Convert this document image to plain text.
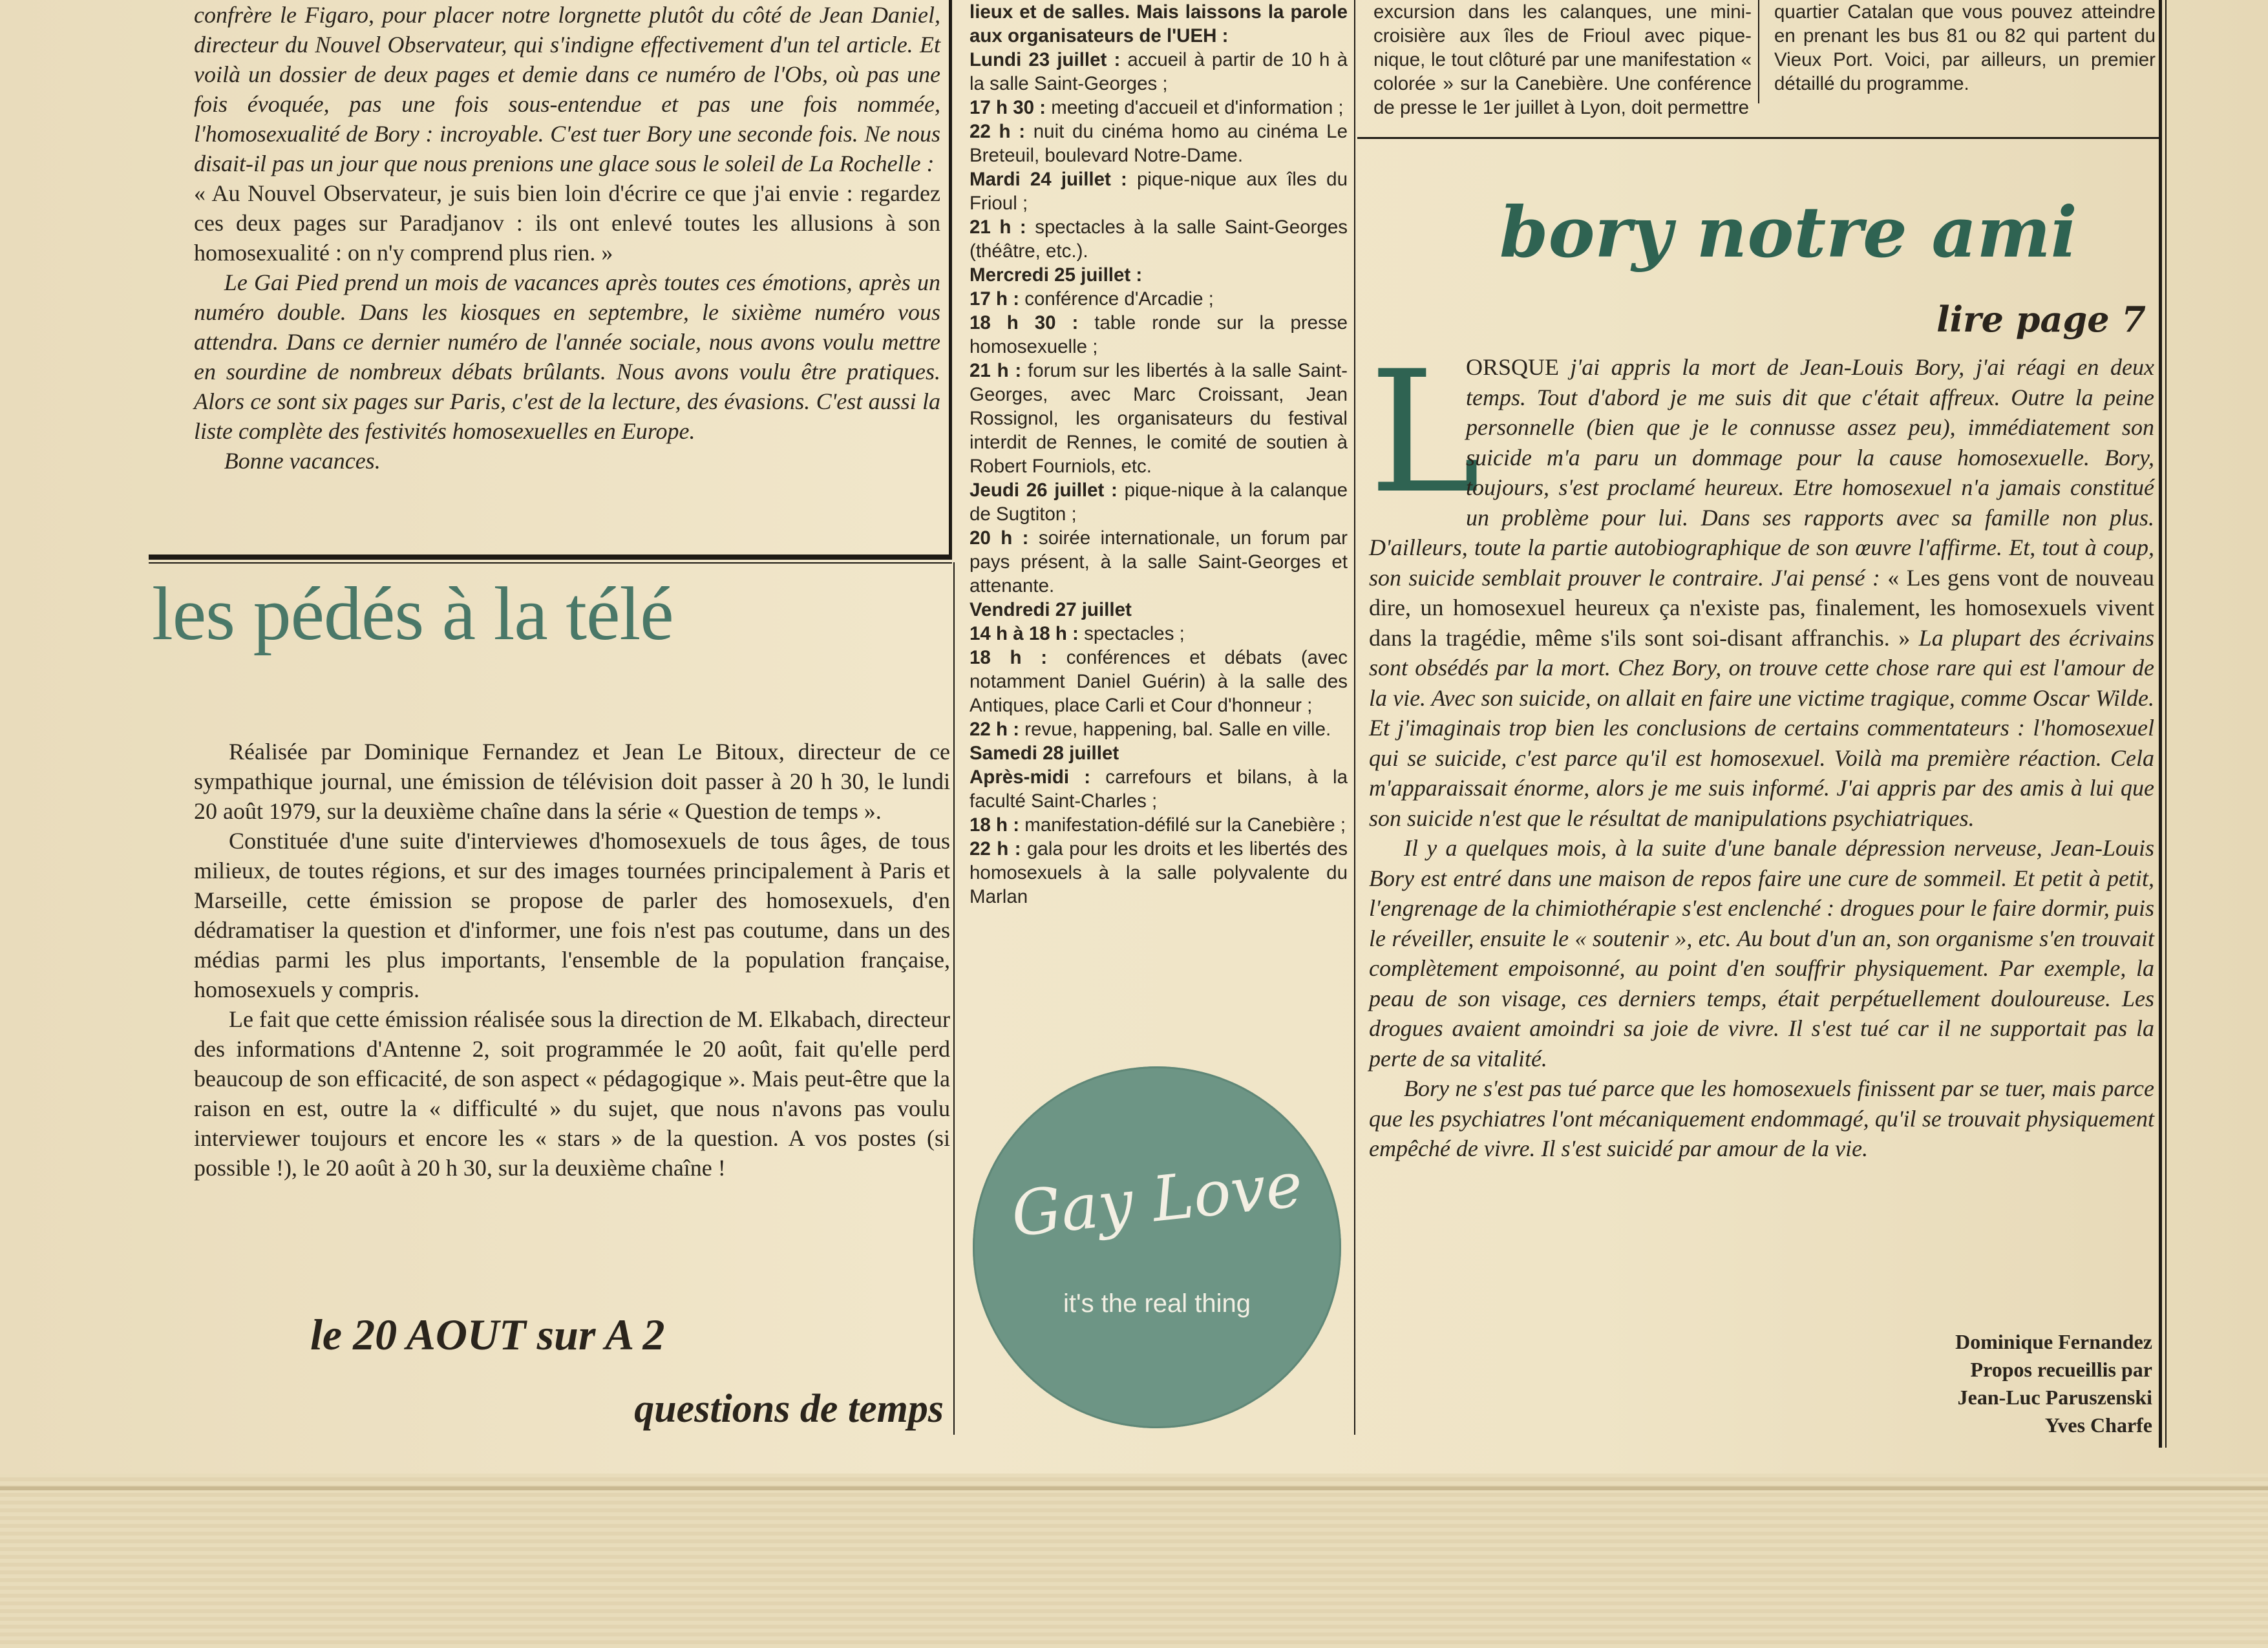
confrère le Figaro, pour placer notre lorgnette plutôt du côté de Jean Daniel, directeur du Nouvel Observateur, qui s'indigne effectivement d'un tel article. Et voilà un dossier de deux pages et demie dans ce numéro de l'Obs, où pas une fois évoquée, pas une fois sous-entendue et pas une fois nommée, l'homosexualité de Bory : incroyable. C'est tuer Bory une seconde fois. Ne nous disait-il pas un jour que nous prenions une glace sous le soleil de La Rochelle :

« Au Nouvel Observateur, je suis bien loin d'écrire ce que j'ai envie : regardez ces deux pages sur Paradjanov : ils ont enlevé toutes les allusions à son homosexualité : on n'y comprend plus rien. »

Le Gai Pied prend un mois de vacances après toutes ces émotions, après un numéro double. Dans les kiosques en septembre, le sixième numéro vous attendra. Dans ce dernier numéro de l'année sociale, nous avons voulu mettre en sourdine de nombreux débats brûlants. Nous avons voulu être pratiques. Alors ce sont six pages sur Paris, c'est de la lecture, des évasions. C'est aussi la liste complète des festivités homosexuelles en Europe.

Bonne vacances.

les pédés à la télé

Réalisée par Dominique Fernandez et Jean Le Bitoux, directeur de ce sympathique journal, une émission de télévision doit passer à 20 h 30, le lundi 20 août 1979, sur la deuxième chaîne dans la série « Question de temps ».

Constituée d'une suite d'interviewes d'homosexuels de tous âges, de tous milieux, de toutes régions, et sur des images tournées principalement à Paris et Marseille, cette émission se propose de parler des homosexuels, d'en dédramatiser la question et d'informer, une fois n'est pas coutume, dans un des médias parmi les plus importants, l'ensemble de la population française, homosexuels y compris.

Le fait que cette émission réalisée sous la direction de M. Elkabach, directeur des informations d'Antenne 2, soit programmée le 20 août, fait qu'elle perd beaucoup de son efficacité, de son aspect « pédagogique ». Mais peut-être que la raison en est, outre la « difficulté » du sujet, que nous n'avons pas voulu interviewer toujours et encore les « stars » de la question. A vos postes (si possible !), le 20 août à 20 h 30, sur la deuxième chaîne !

le 20 AOUT sur A 2
questions de temps

lieux et de salles. Mais laissons la parole aux organisateurs de l'UEH :

Lundi 23 juillet : accueil à partir de 10 h à la salle Saint-Georges ;

17 h 30 : meeting d'accueil et d'information ;

22 h : nuit du cinéma homo au cinéma Le Breteuil, boulevard Notre-Dame.

Mardi 24 juillet : pique-nique aux îles du Frioul ;

21 h : spectacles à la salle Saint-Georges (théâtre, etc.).

Mercredi 25 juillet :

17 h : conférence d'Arcadie ;

18 h 30 : table ronde sur la presse homosexuelle ;

21 h : forum sur les libertés à la salle Saint-Georges, avec Marc Croissant, Jean Rossignol, les organisateurs du festival interdit de Rennes, le comité de soutien à Robert Fourniols, etc.

Jeudi 26 juillet : pique-nique à la calanque de Sugtiton ;

20 h : soirée internationale, un forum par pays présent, à la salle Saint-Georges et attenante.

Vendredi 27 juillet

14 h à 18 h : spectacles ;

18 h : conférences et débats (avec notamment Daniel Guérin) à la salle des Antiques, place Carli et Cour d'honneur ;

22 h : revue, happening, bal. Salle en ville.

Samedi 28 juillet

Après-midi : carrefours et bilans, à la faculté Saint-Charles ;

18 h : manifestation-défilé sur la Canebière ;

22 h : gala pour les droits et les libertés des homosexuels à la salle polyvalente du Marlan

Gay Love
it's the real thing

excursion dans les calanques, une mini-croisière aux îles de Frioul avec pique-nique, le tout clôturé par une manifestation « colorée » sur la Canebière. Une conférence de presse le 1er juillet à Lyon, doit permettre

quartier Catalan que vous pouvez atteindre en prenant les bus 81 ou 82 qui partent du Vieux Port. Voici, par ailleurs, un premier détaillé du programme.

bory notre ami
lire page 7
L

ORSQUE j'ai appris la mort de Jean-Louis Bory, j'ai réagi en deux temps. Tout d'abord je me suis dit que c'était affreux. Outre la peine personnelle (bien que je le connusse assez peu), immédiatement son suicide m'a paru un dommage pour la cause homosexuelle. Bory, toujours, s'est proclamé heureux. Etre homosexuel n'a jamais constitué un problème pour lui. Dans ses rapports avec sa famille non plus. D'ailleurs, toute la partie autobiographique de son œuvre l'affirme. Et, tout à coup, son suicide semblait prouver le contraire. J'ai pensé : « Les gens vont de nouveau dire, un homosexuel heureux ça n'existe pas, finalement, les homosexuels vivent dans la tragédie, même s'ils sont soi-disant affranchis. » La plupart des écrivains sont obsédés par la mort. Chez Bory, on trouve cette chose rare qui est l'amour de la vie. Avec son suicide, on allait en faire une victime tragique, comme Oscar Wilde. Et j'imaginais trop bien les conclusions de certains commentateurs : l'homosexuel qui se suicide, c'est parce qu'il est homosexuel. Voilà ma première réaction. Cela m'apparaissait énorme, alors je me suis informé. J'ai appris par des amis à lui que son suicide n'est que le résultat de manipulations psychiatriques.

Il y a quelques mois, à la suite d'une banale dépression nerveuse, Jean-Louis Bory est entré dans une maison de repos faire une cure de sommeil. Et petit à petit, l'engrenage de la chimiothérapie s'est enclenché : drogues pour le faire dormir, puis le réveiller, ensuite le « soutenir », etc. Au bout d'un an, son organisme s'en trouvait complètement empoisonné, au point d'en souffrir physiquement. Par exemple, la peau de son visage, ces derniers temps, était perpétuellement douloureuse. Les drogues avaient amoindri sa joie de vivre. Il s'est tué car il ne supportait pas la perte de sa vitalité.

Bory ne s'est pas tué parce que les homosexuels finissent par se tuer, mais parce que les psychiatres l'ont mécaniquement endommagé, qu'il se trouvait physiquement empêché de vivre. Il s'est suicidé par amour de la vie.

Dominique Fernandez
Propos recueillis par
Jean-Luc Paruszenski
Yves Charfe
